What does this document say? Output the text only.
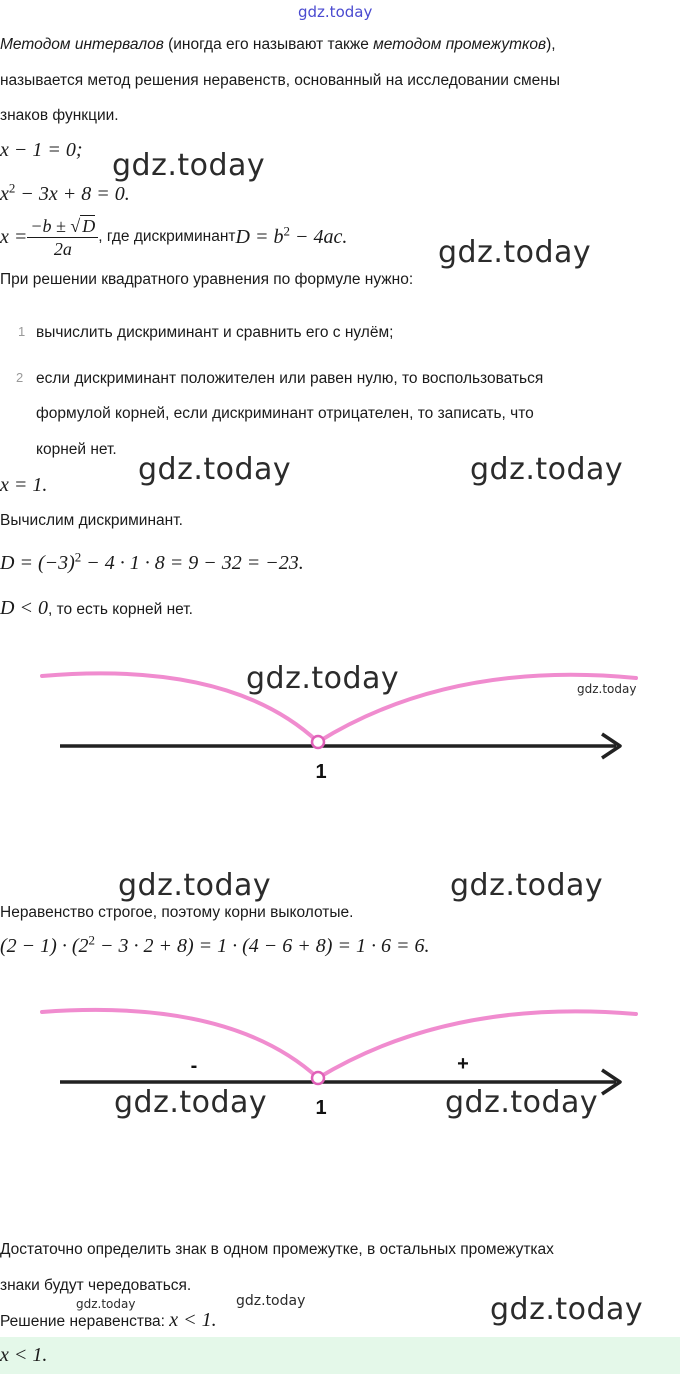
gdz.today
Методом интервалов (иногда его называют также методом промежутков),
называется метод решения неравенств, основанный на исследовании смены
знаков функции.
x − 1 = 0; gdz.today
$x^2 - 3x + 8 = 0$.
$x = \frac{-b \pm √ D}{2a}$ , где дискриминант $D = b^2 - 4ac$.	gdz.today
При решении квадратного уравнения по формуле нужно:
1 вычислить дискриминант и сравнить его с нулём;
2 если дискриминант положителен или равен нулю, то воспользоваться
формулой корней, если дискриминант отрицателен, то записать, что
корней нет.
gdz.today	gdz.today
x = 1.
Вычислим дискриминант.
$D = (-3)^2 - 4 \cdot 1 \cdot 8 = 9 - 32 = -23$.
D < 0, то есть корней нет.
1
gdz.today	gdz.today
gdz.today	gdz.today
Неравенство строгое, поэтому корни выколотые.
$(2 - 1) \cdot (2^2 - 3 \cdot 2 + 8) = 1 \cdot (4 - 6 + 8) = 1 \cdot 6 = 6$.
-	+
1
gdz.today	gdz.today
Достаточно определить знак в одном промежутке, в остальных промежутках
знаки будут чередоваться.
gdz.today	gdz.today	gdz.today
Решение неравенства: x < 1.
x < 1.
